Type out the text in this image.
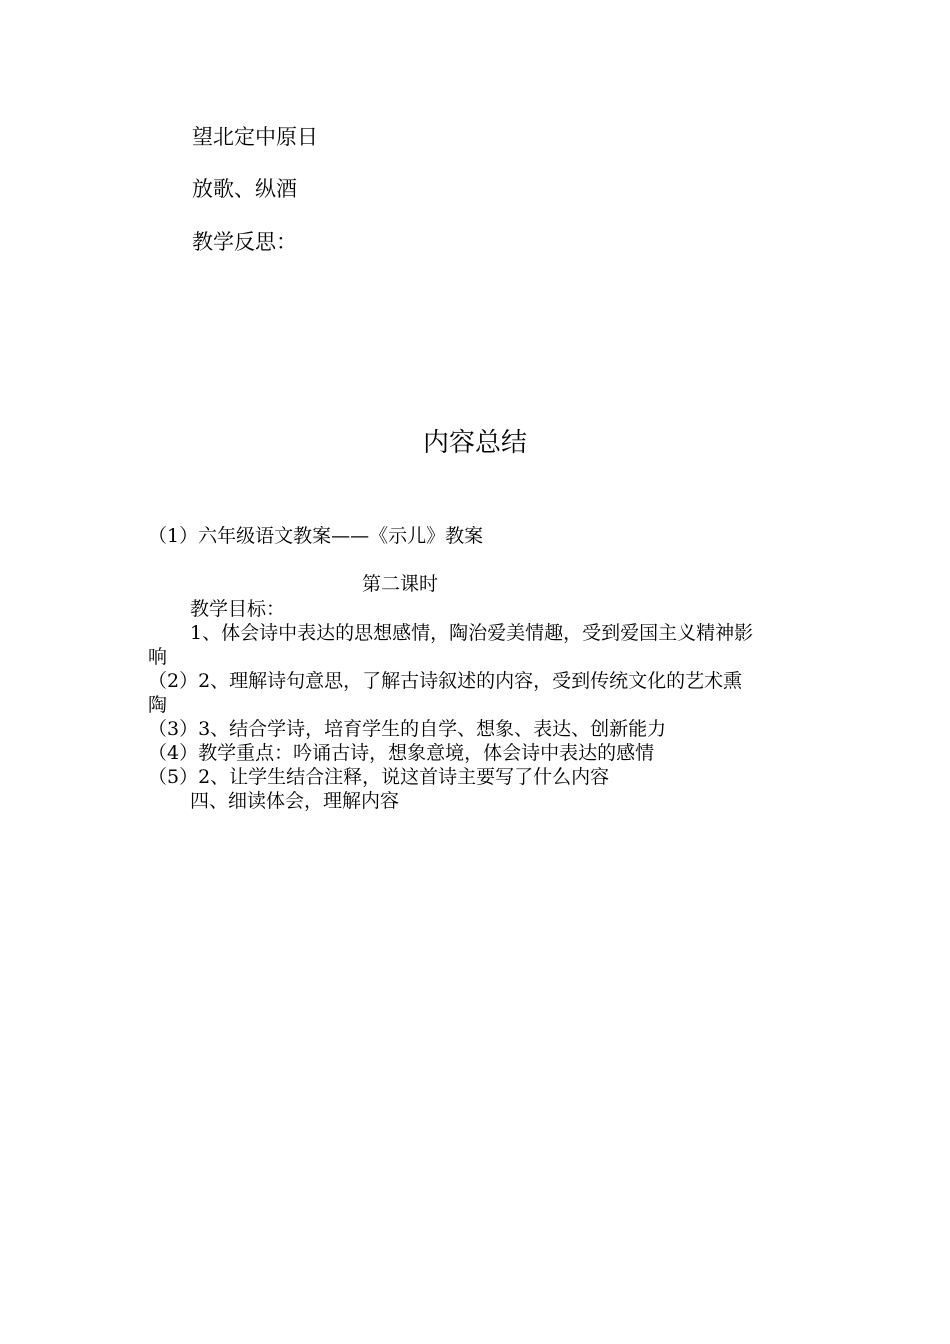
望北定中原日
放歌、纵酒
教学反思：
内容总结
（1）六年级语文教案——《示儿》教案
第二课时
教学目标：
1、体会诗中表达的思想感情，陶治爱美情趣，受到爱国主义精神影
响
（2）2、理解诗句意思，了解古诗叙述的内容，受到传统文化的艺术熏
陶
（3）3、结合学诗，培育学生的自学、想象、表达、创新能力
（4）教学重点：吟诵古诗，想象意境，体会诗中表达的感情
（5）2、让学生结合注释，说这首诗主要写了什么内容
四、细读体会，理解内容
